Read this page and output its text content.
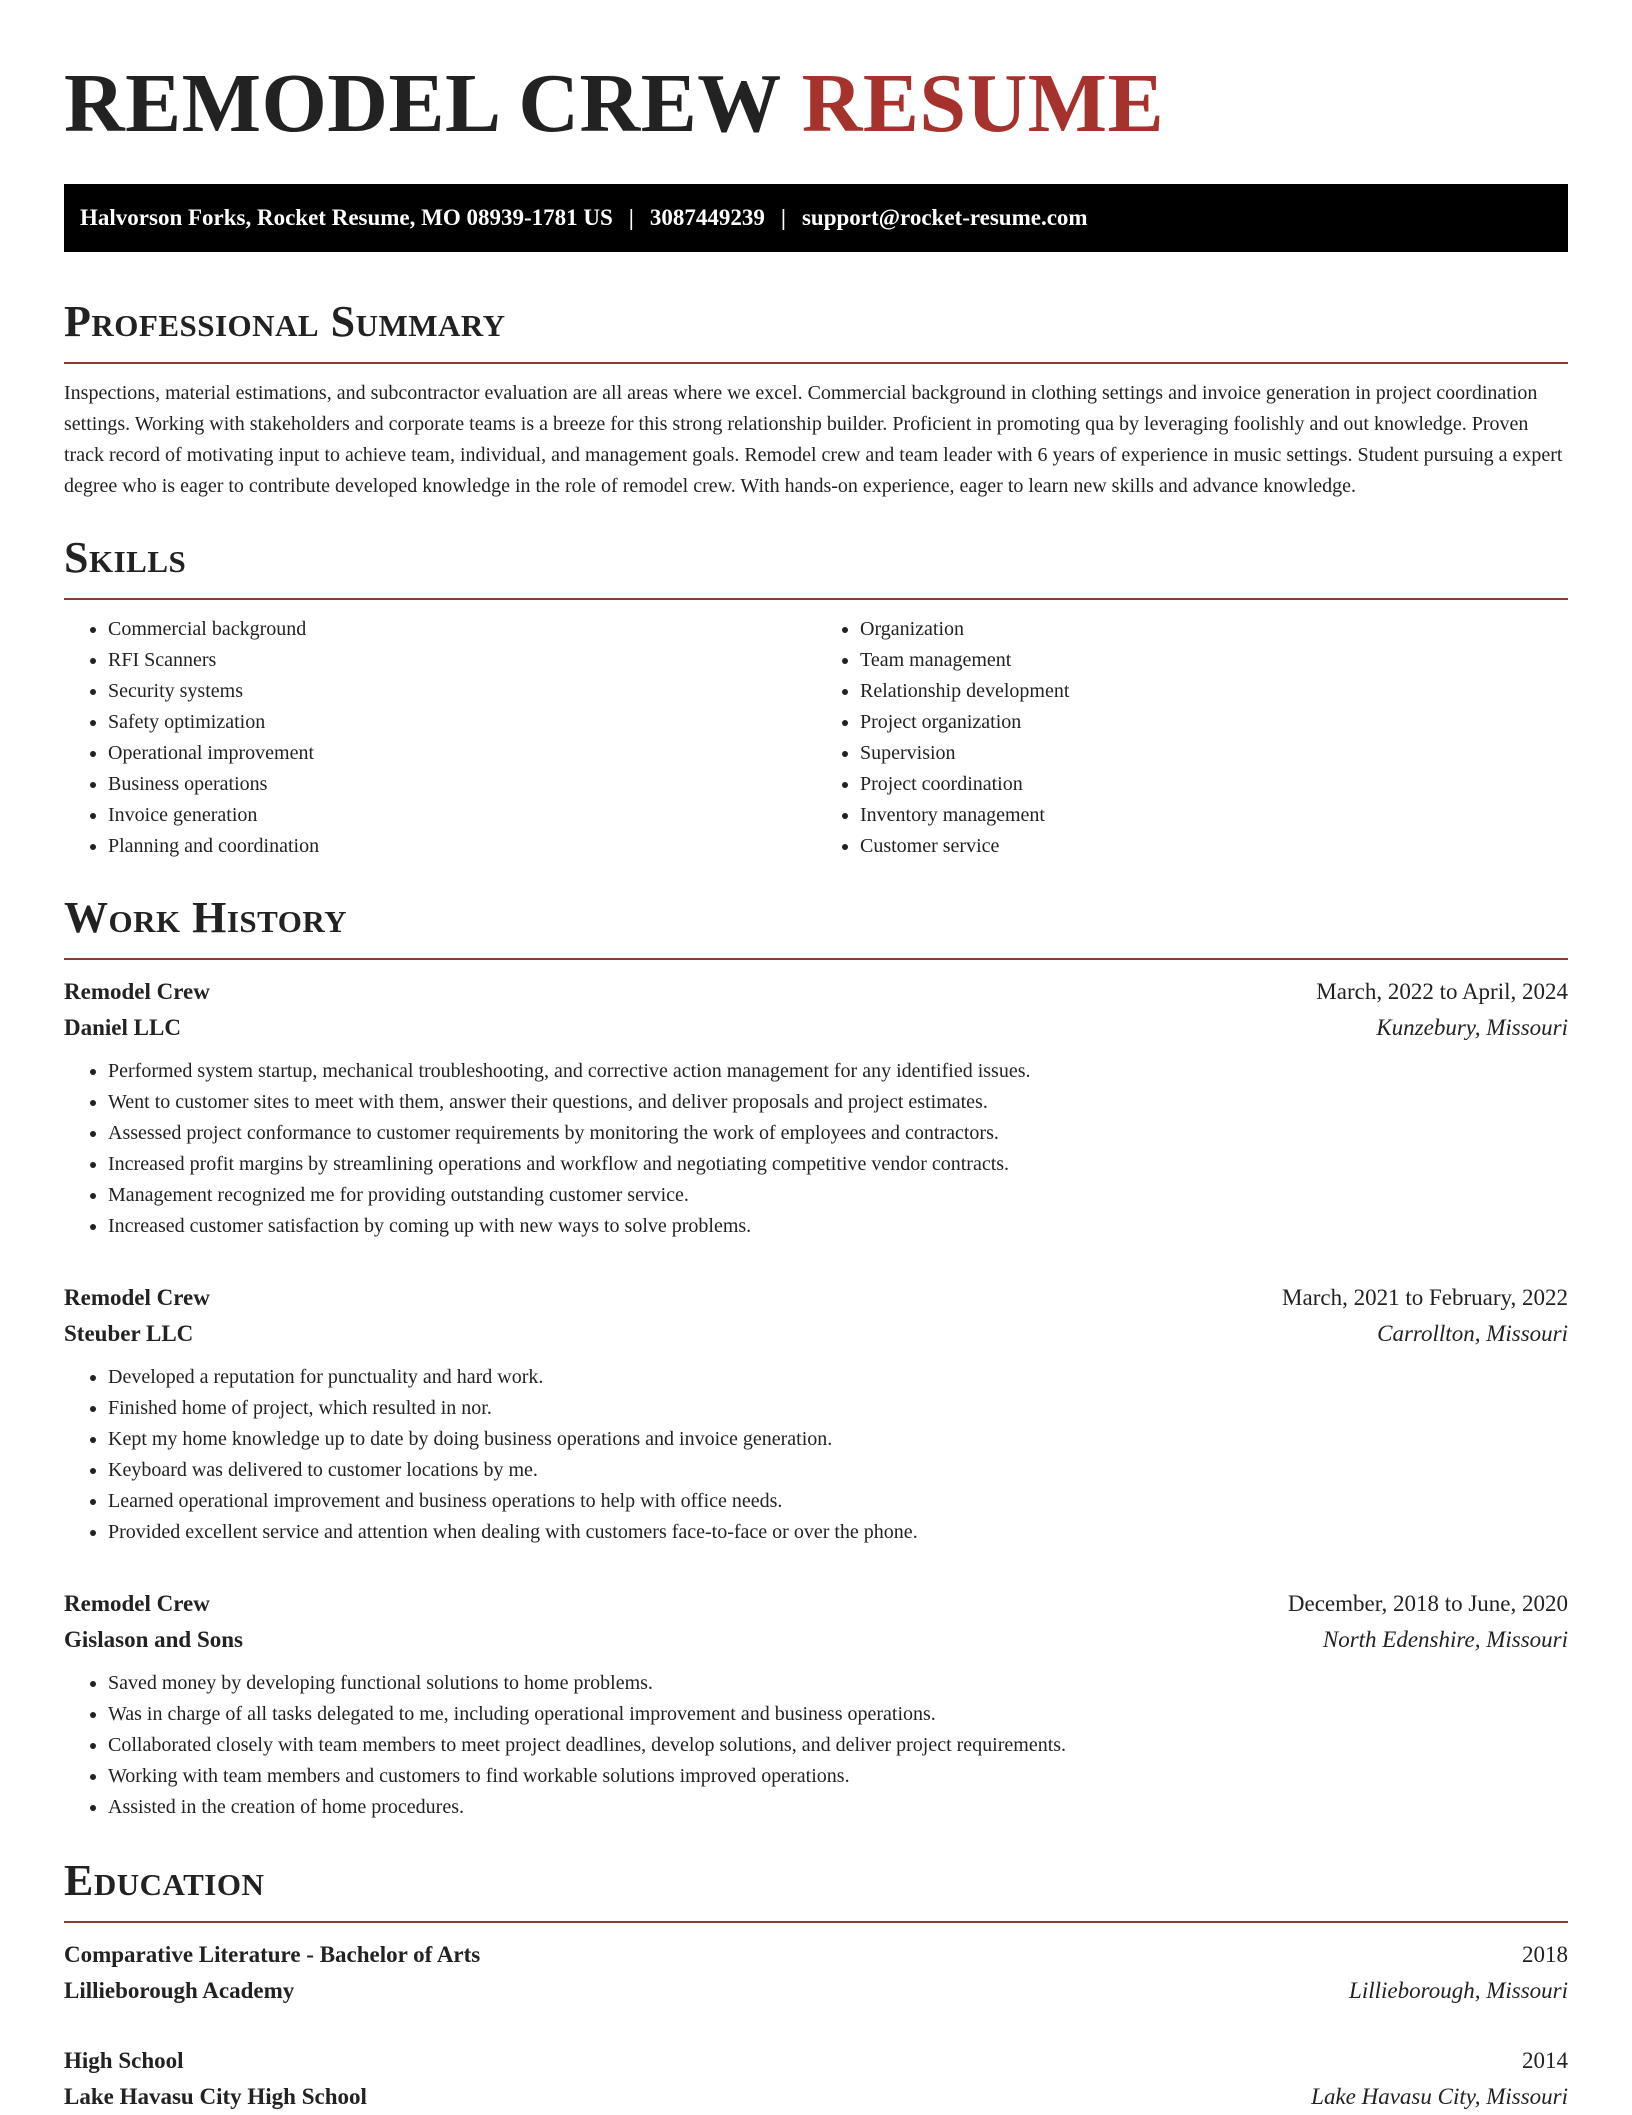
REMODEL CREW RESUME
Halvorson Forks, Rocket Resume, MO 08939-1781 US | 3087449239 | support@rocket-resume.com
Professional Summary

Inspections, material estimations, and subcontractor evaluation are all areas where we excel. Commercial background in clothing settings and invoice generation in project coordination settings. Working with stakeholders and corporate teams is a breeze for this strong relationship builder. Proficient in promoting qua by leveraging foolishly and out knowledge. Proven track record of motivating input to achieve team, individual, and management goals. Remodel crew and team leader with 6 years of experience in music settings. Student pursuing a expert degree who is eager to contribute developed knowledge in the role of remodel crew. With hands-on experience, eager to learn new skills and advance knowledge.

Skills
• Commercial background
• RFI Scanners
• Security systems
• Safety optimization
• Operational improvement
• Business operations
• Invoice generation
• Planning and coordination
• Organization
• Team management
• Relationship development
• Project organization
• Supervision
• Project coordination
• Inventory management
• Customer service
Work History
Remodel Crew	March, 2022 to April, 2024
Daniel LLC	Kunzebury, Missouri
• Performed system startup, mechanical troubleshooting, and corrective action management for any identified issues.
• Went to customer sites to meet with them, answer their questions, and deliver proposals and project estimates.
• Assessed project conformance to customer requirements by monitoring the work of employees and contractors.
• Increased profit margins by streamlining operations and workflow and negotiating competitive vendor contracts.
• Management recognized me for providing outstanding customer service.
• Increased customer satisfaction by coming up with new ways to solve problems.
Remodel Crew	March, 2021 to February, 2022
Steuber LLC	Carrollton, Missouri
• Developed a reputation for punctuality and hard work.
• Finished home of project, which resulted in nor.
• Kept my home knowledge up to date by doing business operations and invoice generation.
• Keyboard was delivered to customer locations by me.
• Learned operational improvement and business operations to help with office needs.
• Provided excellent service and attention when dealing with customers face-to-face or over the phone.
Remodel Crew	December, 2018 to June, 2020
Gislason and Sons	North Edenshire, Missouri
• Saved money by developing functional solutions to home problems.
• Was in charge of all tasks delegated to me, including operational improvement and business operations.
• Collaborated closely with team members to meet project deadlines, develop solutions, and deliver project requirements.
• Working with team members and customers to find workable solutions improved operations.
• Assisted in the creation of home procedures.
Education
Comparative Literature - Bachelor of Arts	2018
Lillieborough Academy	Lillieborough, Missouri
High School	2014
Lake Havasu City High School	Lake Havasu City, Missouri
